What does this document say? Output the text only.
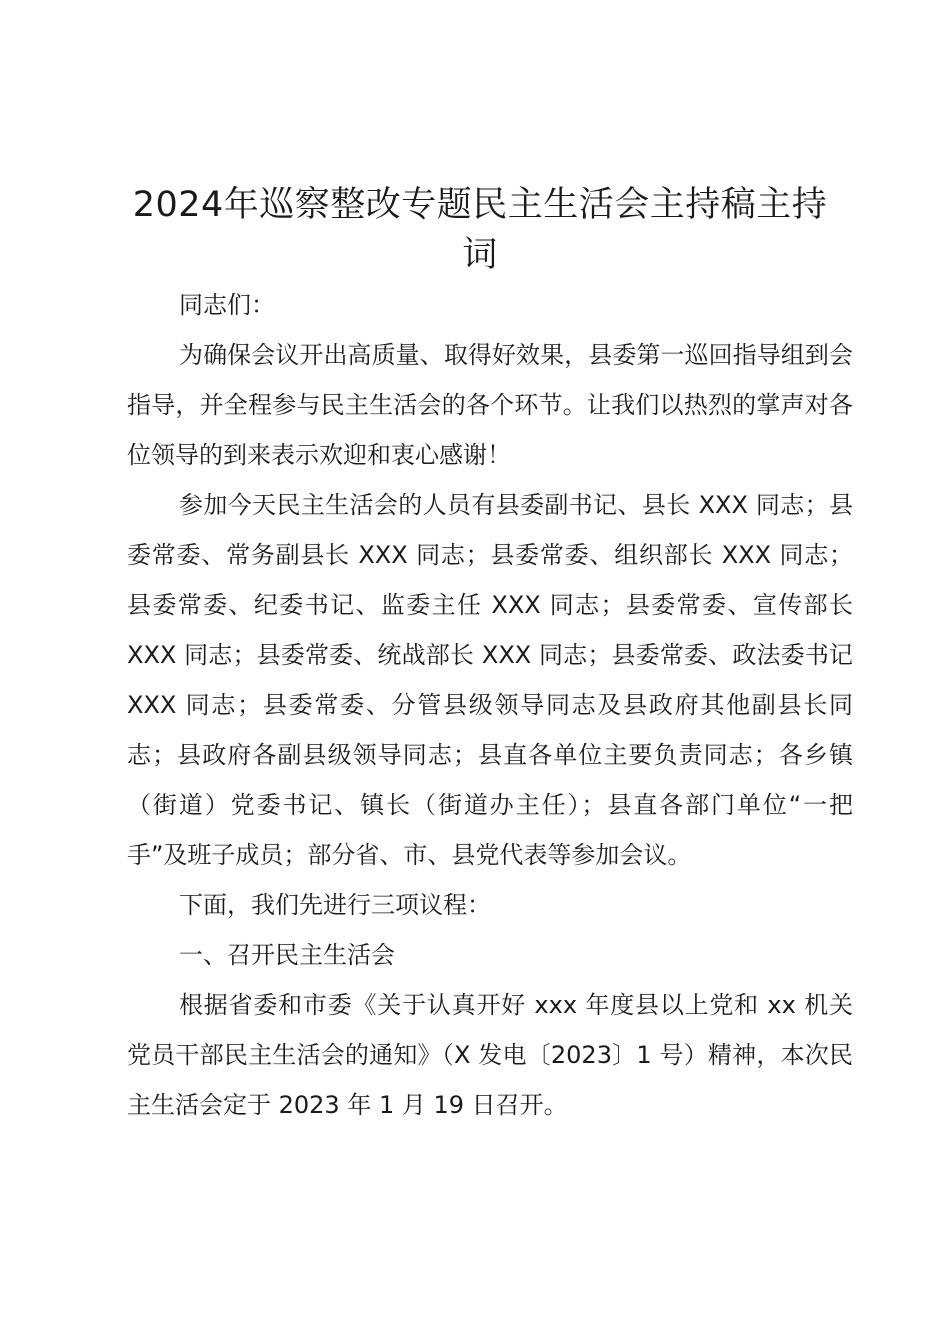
2024年巡察整改专题民主生活会主持稿主持词

同志们：

为确保会议开出高质量、取得好效果，县委第一巡回指导组到会指导，并全程参与民主生活会的各个环节。让我们以热烈的掌声对各位领导的到来表示欢迎和衷心感谢！

参加今天民主生活会的人员有县委副书记、县长 XXX 同志；县委常委、常务副县长 XXX 同志；县委常委、组织部长 XXX 同志；县委常委、纪委书记、监委主任 XXX 同志；县委常委、宣传部长 XXX 同志；县委常委、统战部长 XXX 同志；县委常委、政法委书记 XXX 同志；县委常委、分管县级领导同志及县政府其他副县长同志；县政府各副县级领导同志；县直各单位主要负责同志；各乡镇（街道）党委书记、镇长（街道办主任）；县直各部门单位“一把手”及班子成员；部分省、市、县党代表等参加会议。

下面，我们先进行三项议程：

一、召开民主生活会

根据省委和市委《关于认真开好 xxx 年度县以上党和 xx 机关党员干部民主生活会的通知》（X 发电〔2023〕1 号）精神，本次民主生活会定于 2023 年 1 月 19 日召开。
